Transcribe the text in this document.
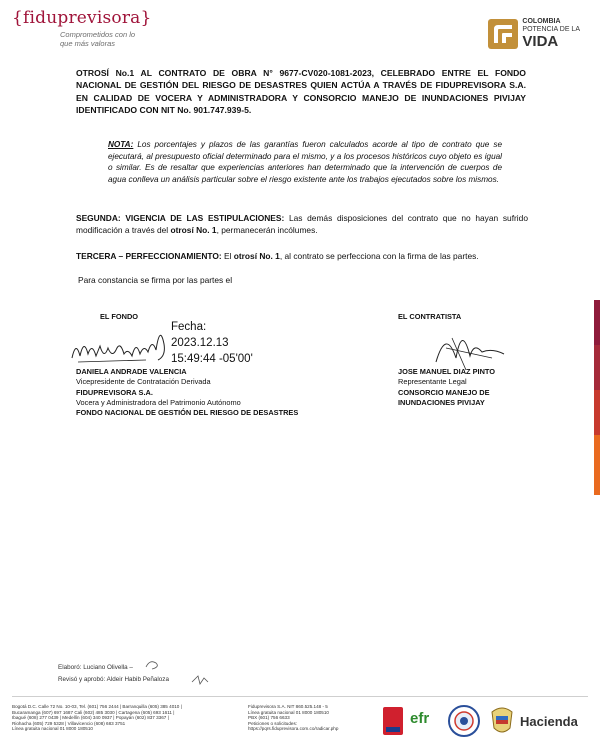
{fiduprevisora}
Comprometidos con lo que más valoras
COLOMBIA
POTENCIA DE LA
VIDA
OTROSÍ No.1 AL CONTRATO DE OBRA N° 9677-CV020-1081-2023, CELEBRADO ENTRE EL FONDO NACIONAL DE GESTIÓN DEL RIESGO DE DESASTRES QUIEN ACTÚA A TRAVÉS DE FIDUPREVISORA S.A. EN CALIDAD DE VOCERA Y ADMINISTRADORA Y CONSORCIO MANEJO DE INUNDACIONES PIVIJAY IDENTIFICADO CON NIT No. 901.747.939-5.
NOTA: Los porcentajes y plazos de las garantías fueron calculados acorde al tipo de contrato que se ejecutará, al presupuesto oficial determinado para el mismo, y a los procesos históricos cuyo objeto es igual o similar. Es de resaltar que experiencias anteriores han determinado que la intervención de cuerpos de agua conlleva un análisis particular sobre el riesgo existente ante los trabajos ejecutados sobre los mismos.
SEGUNDA: VIGENCIA DE LAS ESTIPULACIONES: Las demás disposiciones del contrato que no hayan sufrido modificación a través del otrosí No. 1, permanecerán incólumes.
TERCERA – PERFECCIONAMIENTO: El otrosí No. 1, al contrato se perfecciona con la firma de las partes.
Para constancia se firma por las partes el
EL FONDO
Fecha:
2023.12.13
15:49:44 -05'00'
DANIELA ANDRADE VALENCIA
Vicepresidente de Contratación Derivada
FIDUPREVISORA S.A.
Vocera y Administradora del Patrimonio Autónomo
FONDO NACIONAL DE GESTIÓN DEL RIESGO DE DESASTRES
EL CONTRATISTA
JOSE MANUEL DIAZ PINTO
Representante Legal
CONSORCIO MANEJO DE
INUNDACIONES PIVIJAY
Elaboró: Luciano Olivella –
Revisó y aprobó: Aldeir Habib Peñaloza
Bogotá D.C. Calle 72 No. 10-03, Tel. (601) 756 2444 | Barranquilla (605) 385 4010 |
Bucaramanga (607) 697 1687 Cali (602) 485 3030 | Cartagena (605) 693 1611 |
Ibagué (608) 277 0439 | Medellín (604) 340 0937 | Popayán (602) 837 3367 |
Riohacha (605) 729 5328 | Villavicencio (608) 683 3751
Línea gratuita nacional 01 8000 180510
Fiduprevisora S.A. NIT 860.525.148 - 5
Línea gratuita nacional 01 8000 180510
PBX (601) 756 6633
Peticiones o solicitudes:
https://pqrs.fiduprevisora.com.co/radicar.php
efr	Hacienda
